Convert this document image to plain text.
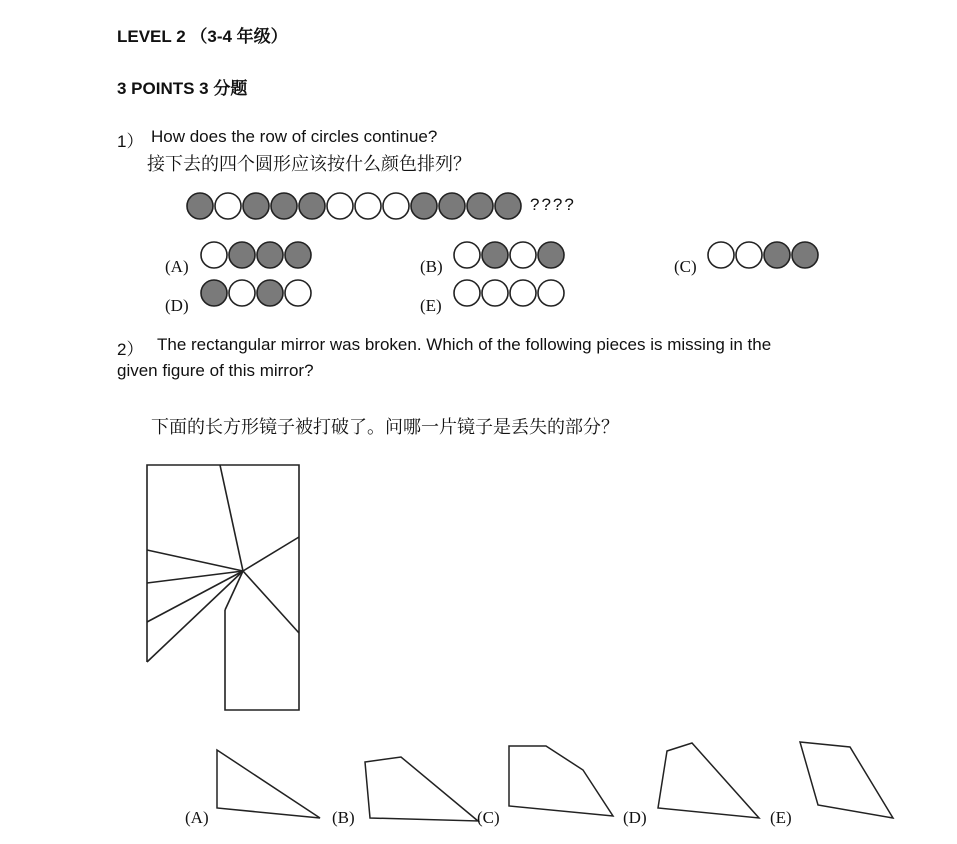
LEVEL 2 （3-4 年级）
3 POINTS 3 分题
1） How does the row of circles continue?
接下去的四个圆形应该按什么颜色排列？
????
(A)	(B)	(C)
(D)	(E)
2） The rectangular mirror was broken. Which of the following pieces is missing in the
given figure of this mirror?
下面的长方形镜子被打破了。问哪一片镜子是丢失的部分？
(A)	(B)	(C)	(D)	(E)
